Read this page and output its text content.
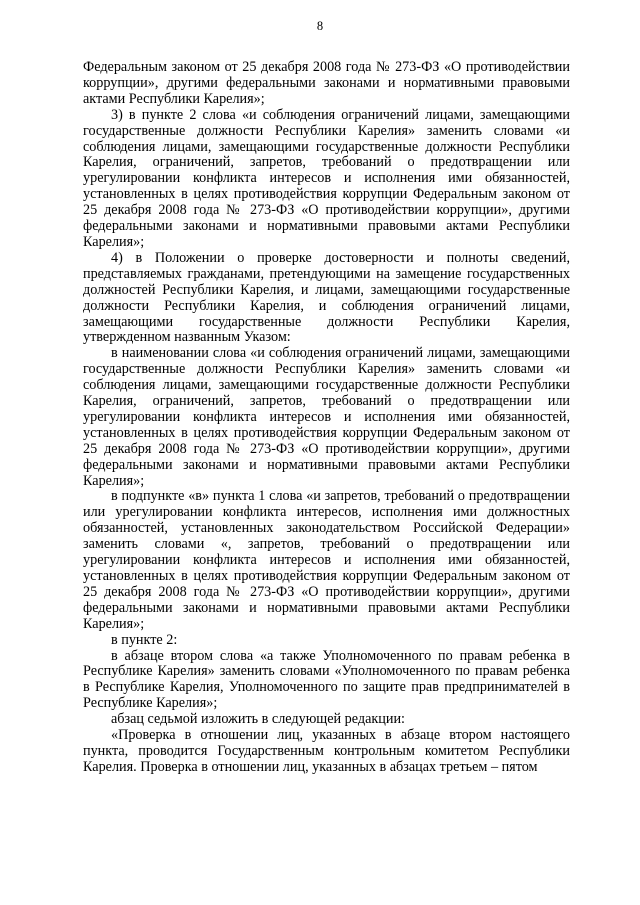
8

Федеральным законом от 25 декабря 2008 года № 273-ФЗ «О противодействии коррупции», другими федеральными законами и нормативными правовыми актами Республики Карелия»;

3) в пункте 2 слова «и соблюдения ограничений лицами, замещающими государственные должности Республики Карелия» заменить словами «и соблюдения лицами, замещающими государственные должности Республики Карелия, ограничений, запретов, требований о предотвращении или урегулировании конфликта интересов и исполнения ими обязанностей, установленных в целях противодействия коррупции Федеральным законом от 25 декабря 2008 года № 273-ФЗ «О противодействии коррупции», другими федеральными законами и нормативными правовыми актами Республики Карелия»;

4) в Положении о проверке достоверности и полноты сведений, представляемых гражданами, претендующими на замещение государственных должностей Республики Карелия, и лицами, замещающими государственные должности Республики Карелия, и соблюдения ограничений лицами, замещающими государственные должности Республики Карелия, утвержденном названным Указом:

в наименовании слова «и соблюдения ограничений лицами, замещающими государственные должности Республики Карелия» заменить словами «и соблюдения лицами, замещающими государственные должности Республики Карелия, ограничений, запретов, требований о предотвращении или урегулировании конфликта интересов и исполнения ими обязанностей, установленных в целях противодействия коррупции Федеральным законом от 25 декабря 2008 года № 273-ФЗ «О противодействии коррупции», другими федеральными законами и нормативными правовыми актами Республики Карелия»;

в подпункте «в» пункта 1 слова «и запретов, требований о предотвращении или урегулировании конфликта интересов, исполнения ими должностных обязанностей, установленных законодательством Российской Федерации» заменить словами «, запретов, требований о предотвращении или урегулировании конфликта интересов и исполнения ими обязанностей, установленных в целях противодействия коррупции Федеральным законом от 25 декабря 2008 года № 273-ФЗ «О противодействии коррупции», другими федеральными законами и нормативными правовыми актами Республики Карелия»;

в пункте 2:

в абзаце втором слова «а также Уполномоченного по правам ребенка в Республике Карелия» заменить словами «Уполномоченного по правам ребенка в Республике Карелия, Уполномоченного по защите прав предпринимателей в Республике Карелия»;

абзац седьмой изложить в следующей редакции:

«Проверка в отношении лиц, указанных в абзаце втором настоящего пункта, проводится Государственным контрольным комитетом Республики Карелия. Проверка в отношении лиц, указанных в абзацах третьем – пятом
